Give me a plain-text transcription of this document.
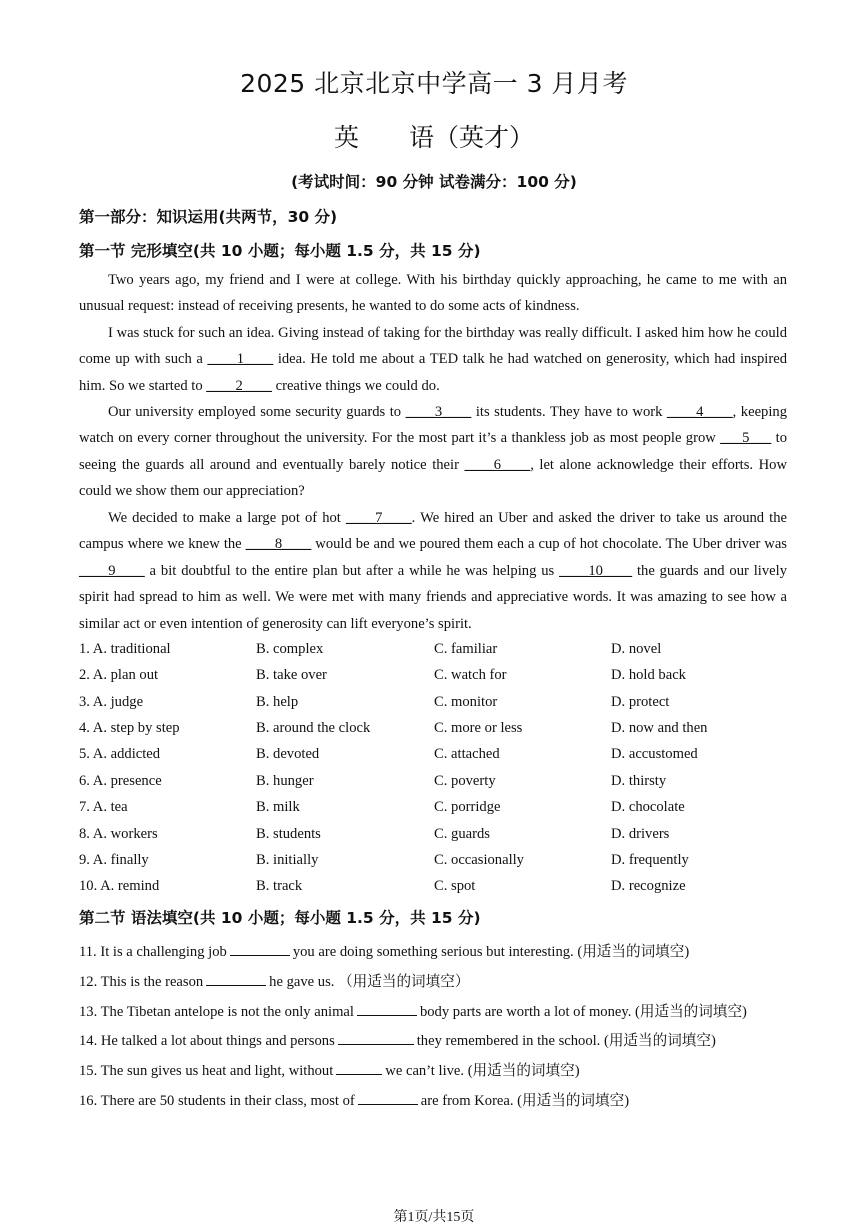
2025 北京北京中学高一 3 月月考
英　　语（英才）
(考试时间：90 分钟 试卷满分：100 分)
第一部分：知识运用(共两节，30 分)
第一节 完形填空(共 10 小题；每小题 1.5 分，共 15 分)
Two years ago, my friend and I were at college. With his birthday quickly approaching, he came to me with an unusual request: instead of receiving presents, he wanted to do some acts of kindness.
I was stuck for such an idea. Giving instead of taking for the birthday was really difficult. I asked him how he could come up with such a ____1____ idea. He told me about a TED talk he had watched on generosity, which had inspired him. So we started to ____2____ creative things we could do.
Our university employed some security guards to ____3____ its students. They have to work ____4____, keeping watch on every corner throughout the university. For the most part it’s a thankless job as most people grow ___5___ to seeing the guards all around and eventually barely notice their ____6____, let alone acknowledge their efforts. How could we show them our appreciation?
We decided to make a large pot of hot ____7____. We hired an Uber and asked the driver to take us around the campus where we knew the ____8____ would be and we poured them each a cup of hot chocolate. The Uber driver was ____9____ a bit doubtful to the entire plan but after a while he was helping us ____10____ the guards and our lively spirit had spread to him as well. We were met with many friends and appreciative words. It was amazing to see how a similar act or even intention of generosity can lift everyone’s spirit.
1. A. traditional	B. complex	C. familiar	D. novel
2. A. plan out	B. take over	C. watch for	D. hold back
3. A. judge	B. help	C. monitor	D. protect
4. A. step by step	B. around the clock	C. more or less	D. now and then
5. A. addicted	B. devoted	C. attached	D. accustomed
6. A. presence	B. hunger	C. poverty	D. thirsty
7. A. tea	B. milk	C. porridge	D. chocolate
8. A. workers	B. students	C. guards	D. drivers
9. A. finally	B. initially	C. occasionally	D. frequently
10. A. remind	B. track	C. spot	D. recognize
第二节 语法填空(共 10 小题；每小题 1.5 分，共 15 分)
11. It is a challenging job	you are doing something serious but interesting. (用适当的词填空)
12. This is the reason	he gave us. （用适当的词填空）
13. The Tibetan antelope is not the only animal	body parts are worth a lot of money. (用适当的词填空)
14. He talked a lot about things and persons	they remembered in the school. (用适当的词填空)
15. The sun gives us heat and light, without	we can’t live. (用适当的词填空)
16. There are 50 students in their class, most of	are from Korea. (用适当的词填空)
第1页/共15页
